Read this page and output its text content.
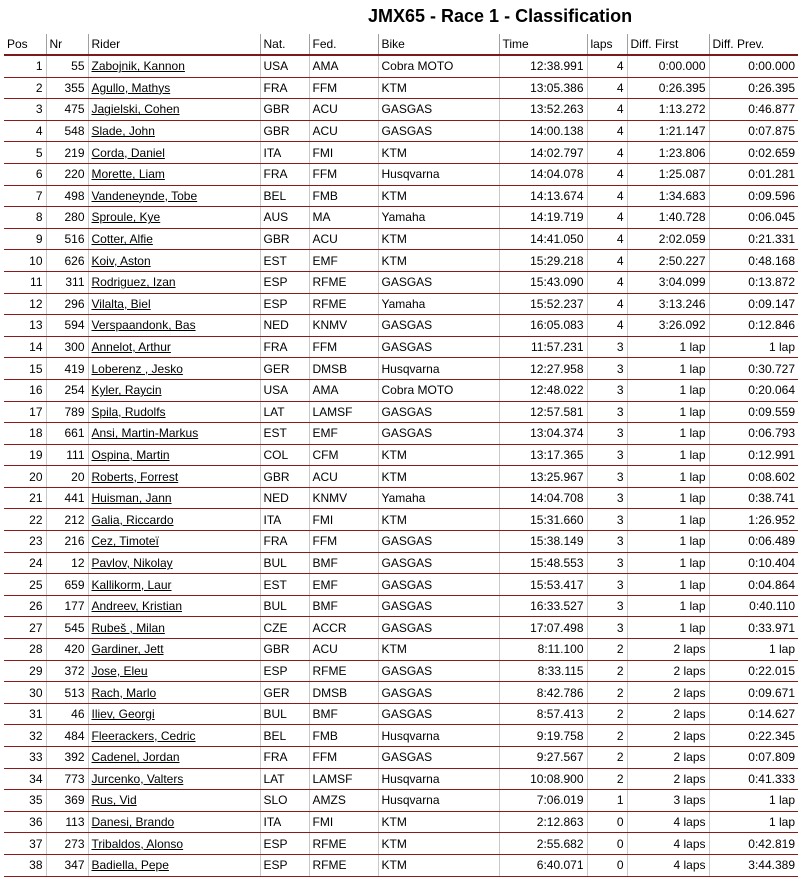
JMX65 - Race 1 - Classification
Pos	Nr	Rider	Nat.	Fed.	Bike	Time	laps	Diff. First	Diff. Prev.
1	55	Zabojnik, Kannon	USA	AMA	Cobra MOTO	12:38.991	4	0:00.000	0:00.000
2	355	Agullo, Mathys	FRA	FFM	KTM	13:05.386	4	0:26.395	0:26.395
3	475	Jagielski, Cohen	GBR	ACU	GASGAS	13:52.263	4	1:13.272	0:46.877
4	548	Slade, John	GBR	ACU	GASGAS	14:00.138	4	1:21.147	0:07.875
5	219	Corda, Daniel	ITA	FMI	KTM	14:02.797	4	1:23.806	0:02.659
6	220	Morette, Liam	FRA	FFM	Husqvarna	14:04.078	4	1:25.087	0:01.281
7	498	Vandeneynde, Tobe	BEL	FMB	KTM	14:13.674	4	1:34.683	0:09.596
8	280	Sproule, Kye	AUS	MA	Yamaha	14:19.719	4	1:40.728	0:06.045
9	516	Cotter, Alfie	GBR	ACU	KTM	14:41.050	4	2:02.059	0:21.331
10	626	Koiv, Aston	EST	EMF	KTM	15:29.218	4	2:50.227	0:48.168
11	311	Rodriguez, Izan	ESP	RFME	GASGAS	15:43.090	4	3:04.099	0:13.872
12	296	Vilalta, Biel	ESP	RFME	Yamaha	15:52.237	4	3:13.246	0:09.147
13	594	Verspaandonk, Bas	NED	KNMV	GASGAS	16:05.083	4	3:26.092	0:12.846
14	300	Annelot, Arthur	FRA	FFM	GASGAS	11:57.231	3	1 lap	1 lap
15	419	Loberenz , Jesko	GER	DMSB	Husqvarna	12:27.958	3	1 lap	0:30.727
16	254	Kyler, Raycin	USA	AMA	Cobra MOTO	12:48.022	3	1 lap	0:20.064
17	789	Spila, Rudolfs	LAT	LAMSF	GASGAS	12:57.581	3	1 lap	0:09.559
18	661	Ansi, Martin-Markus	EST	EMF	GASGAS	13:04.374	3	1 lap	0:06.793
19	111	Ospina, Martin	COL	CFM	KTM	13:17.365	3	1 lap	0:12.991
20	20	Roberts, Forrest	GBR	ACU	KTM	13:25.967	3	1 lap	0:08.602
21	441	Huisman, Jann	NED	KNMV	Yamaha	14:04.708	3	1 lap	0:38.741
22	212	Galia, Riccardo	ITA	FMI	KTM	15:31.660	3	1 lap	1:26.952
23	216	Cez, Timoteï	FRA	FFM	GASGAS	15:38.149	3	1 lap	0:06.489
24	12	Pavlov, Nikolay	BUL	BMF	GASGAS	15:48.553	3	1 lap	0:10.404
25	659	Kallikorm, Laur	EST	EMF	GASGAS	15:53.417	3	1 lap	0:04.864
26	177	Andreev, Kristian	BUL	BMF	GASGAS	16:33.527	3	1 lap	0:40.110
27	545	Rubeš , Milan	CZE	ACCR	GASGAS	17:07.498	3	1 lap	0:33.971
28	420	Gardiner, Jett	GBR	ACU	KTM	8:11.100	2	2 laps	1 lap
29	372	Jose, Eleu	ESP	RFME	GASGAS	8:33.115	2	2 laps	0:22.015
30	513	Rach, Marlo	GER	DMSB	GASGAS	8:42.786	2	2 laps	0:09.671
31	46	Iliev, Georgi	BUL	BMF	GASGAS	8:57.413	2	2 laps	0:14.627
32	484	Fleerackers, Cedric	BEL	FMB	Husqvarna	9:19.758	2	2 laps	0:22.345
33	392	Cadenel, Jordan	FRA	FFM	GASGAS	9:27.567	2	2 laps	0:07.809
34	773	Jurcenko, Valters	LAT	LAMSF	Husqvarna	10:08.900	2	2 laps	0:41.333
35	369	Rus, Vid	SLO	AMZS	Husqvarna	7:06.019	1	3 laps	1 lap
36	113	Danesi, Brando	ITA	FMI	KTM	2:12.863	0	4 laps	1 lap
37	273	Tribaldos, Alonso	ESP	RFME	KTM	2:55.682	0	4 laps	0:42.819
38	347	Badiella, Pepe	ESP	RFME	KTM	6:40.071	0	4 laps	3:44.389
